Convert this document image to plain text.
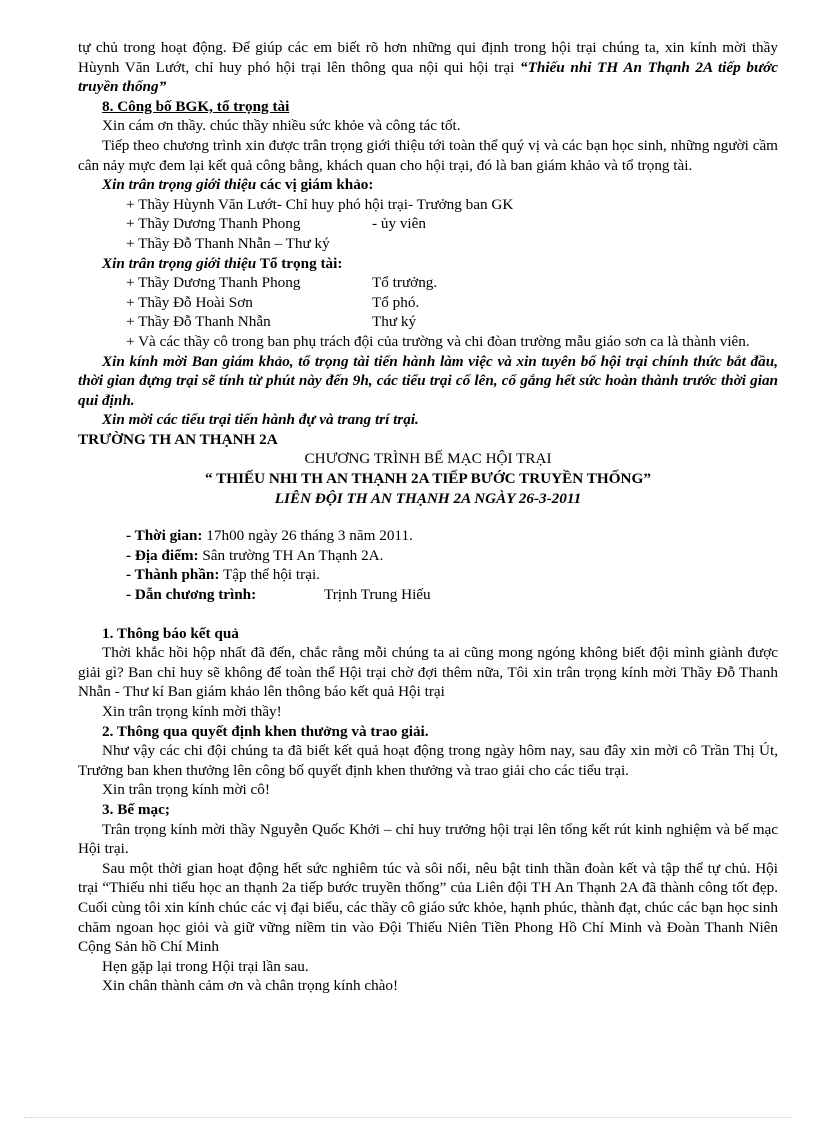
tự chủ trong hoạt động. Để giúp các em biết rõ hơn những qui định trong hội trại chúng ta, xin kính mời thầy Hùynh Văn Lướt, chỉ huy phó hội trại lên thông qua nội qui hội trại “Thiếu nhi TH An Thạnh 2A tiếp bước truyền thống”

8. Công bố BGK, tổ trọng tài

Xin cám ơn thầy. chúc thầy nhiều sức khỏe và công tác tốt.

Tiếp theo chương trình xin được trân trọng giới thiệu tới toàn thể quý vị và các bạn học sinh, những người cầm cân nảy mực đem lại kết quả công bằng, khách quan cho hội trại, đó là ban giám khảo và tổ trọng tài.

Xin trân trọng giới thiệu các vị giám khảo:

+ Thầy Hùynh Văn Lướt- Chỉ huy phó hội trại- Trưởng ban GK
+ Thầy Dương Thanh Phong	- ủy viên
+ Thầy Đỗ Thanh Nhẫn – Thư ký

Xin trân trọng giới thiệu Tổ trọng tài:

+ Thầy Dương Thanh Phong	Tổ trưởng.
+ Thầy Đỗ Hoài Sơn	Tổ phó.
+ Thầy Đỗ Thanh Nhẫn	Thư ký

+ Và các thầy cô trong ban phụ trách đội của trường và chi đòan trường mẫu giáo sơn ca là thành viên.

Xin kính mời Ban giám khảo, tổ trọng tài tiến hành làm việc và xin tuyên bố hội trại chính thức bắt đầu, thời gian đựng trại sẽ tính từ phút này đến 9h, các tiểu trại cố lên, cố gắng hết sức hoàn thành trước thời gian qui định.

Xin mời các tiểu trại tiến hành đự và trang trí trại.

TRƯỜNG TH AN THẠNH 2A

CHƯƠNG TRÌNH BẾ MẠC HỘI TRẠI

“ THIẾU NHI TH AN THẠNH 2A TIẾP BƯỚC TRUYỀN THỐNG”

LIÊN ĐỘI TH AN THẠNH 2A NGÀY 26-3-2011

- Thời gian: 17h00 ngày 26 tháng 3 năm 2011.
- Địa điểm: Sân trường TH An Thạnh 2A.
- Thành phần: Tập thể hội trại.
- Dẫn chương trình:	Trịnh Trung Hiếu

1. Thông báo kết quả

Thời khắc hồi hộp nhất đã đến, chắc rằng mỗi chúng ta ai cũng mong ngóng không biết đội mình giành được giải gì? Ban chỉ huy sẽ không để toàn thể Hội trại chờ đợi thêm nữa, Tôi xin trân trọng kính mời Thầy Đỗ Thanh Nhẫn - Thư kí Ban giám khảo lên thông báo kết quả Hội trại

Xin trân trọng kính mời thầy!

2. Thông qua quyết định khen thưởng và trao giải.

Như vậy các chi đội chúng ta đã biết kết quả hoạt động trong ngày hôm nay, sau đây xin mời cô Trần Thị Út, Trưởng ban khen thưởng lên công bố quyết định khen thưởng và trao giải cho các tiểu trại.

Xin trân trọng kính mời cô!

3. Bế mạc;

Trân trọng kính mời thầy Nguyễn Quốc Khởi – chỉ huy trưởng hội trại lên tổng kết rút kinh nghiệm và bế mạc Hội trại.

Sau một thời gian hoạt động hết sức nghiêm túc và sôi nổi, nêu bật tinh thần đoàn kết và tập thể tự chủ. Hội trại “Thiếu nhi tiểu học an thạnh 2a tiếp bước truyền thống” của Liên đội TH An Thạnh 2A đã thành công tốt đẹp. Cuối cùng tôi xin kính chúc các vị đại biểu, các thầy cô giáo sức khỏe, hạnh phúc, thành đạt, chúc các bạn học sinh chăm ngoan học giỏi và giữ vững niềm tin vào Đội Thiếu Niên Tiền Phong Hồ Chí Minh và Đoàn Thanh Niên Cộng Sản hồ Chí Minh

Hẹn gặp lại trong Hội trại lần sau.

Xin chân thành cảm ơn và chân trọng kính chào!
